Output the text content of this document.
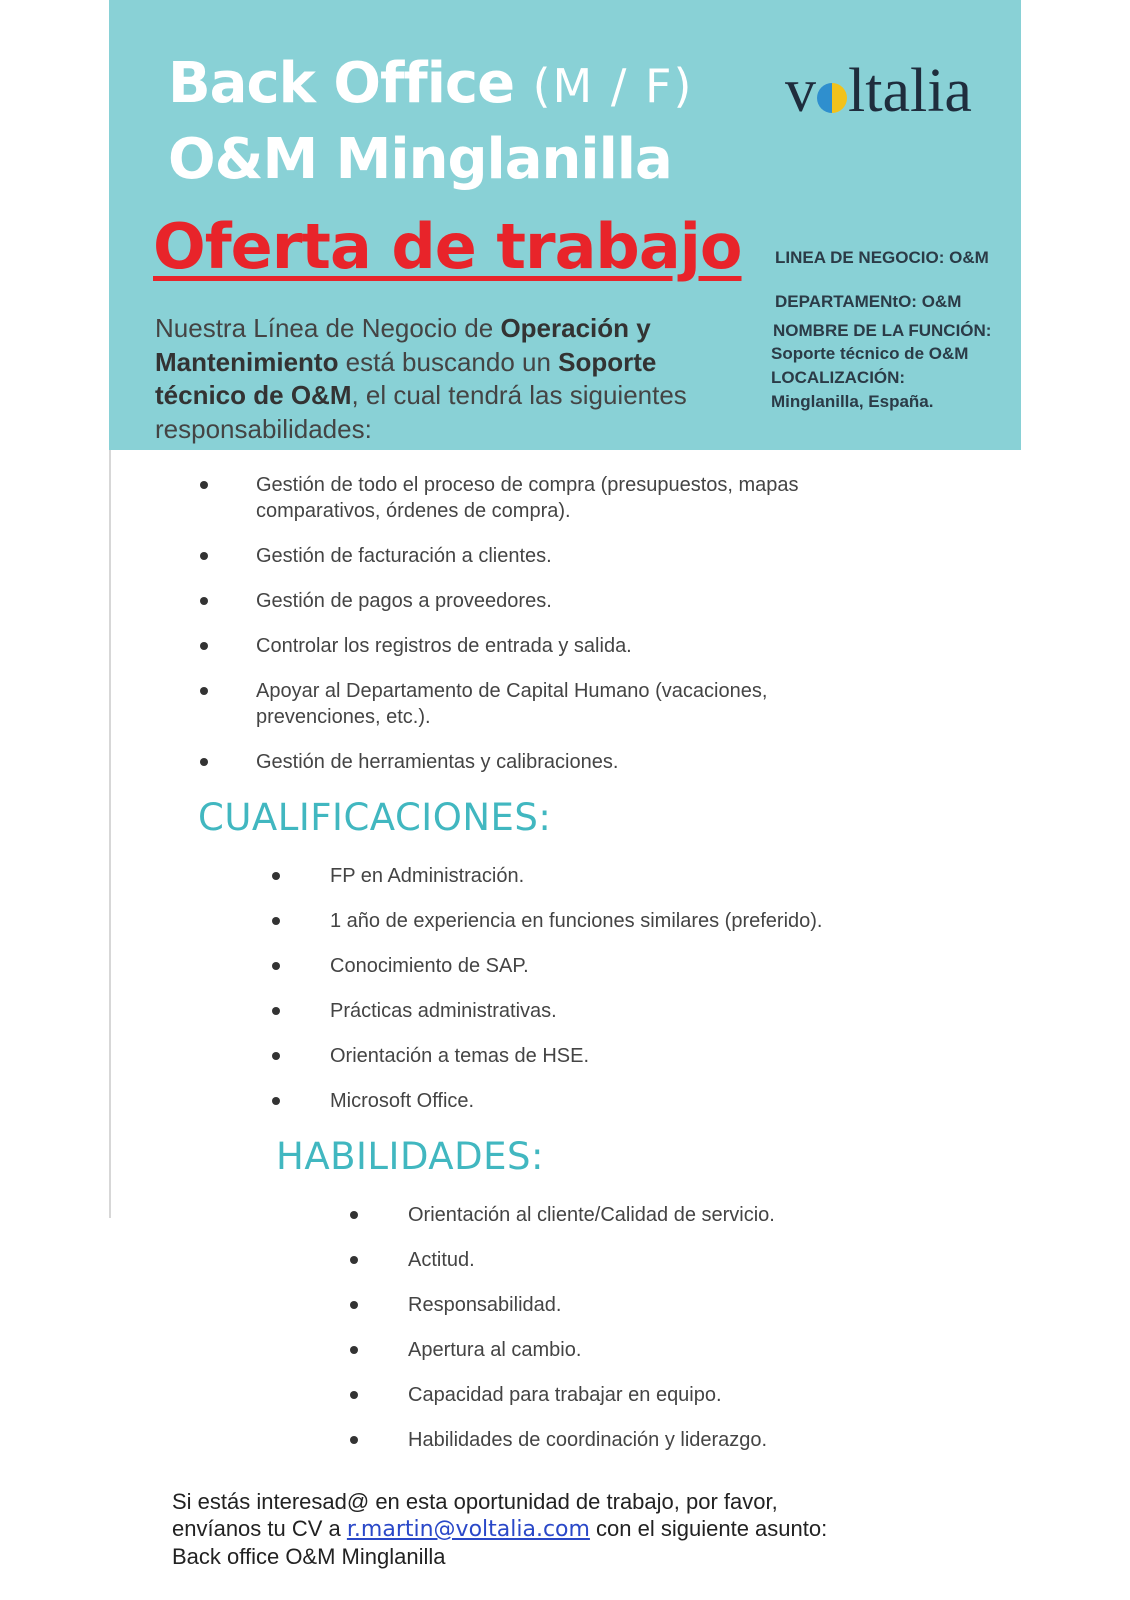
Back Office (M / F)
O&M Minglanilla
v ltalia
Oferta de trabajo
Nuestra Línea de Negocio de Operación y Mantenimiento está buscando un Soporte técnico de O&M, el cual tendrá las siguientes responsabilidades:
LINEA DE NEGOCIO: O&M
DEPARTAMENtO: O&M
NOMBRE DE LA FUNCIÓN:
Soporte técnico de O&M
LOCALIZACIÓN:
Minglanilla, España.
Gestión de todo el proceso de compra (presupuestos, mapas comparativos, órdenes de compra).
Gestión de facturación a clientes.
Gestión de pagos a proveedores.
Controlar los registros de entrada y salida.
Apoyar al Departamento de Capital Humano (vacaciones, prevenciones, etc.).
Gestión de herramientas y calibraciones.
CUALIFICACIONES:
FP en Administración.
1 año de experiencia en funciones similares (preferido).
Conocimiento de SAP.
Prácticas administrativas.
Orientación a temas de HSE.
Microsoft Office.
HABILIDADES:
Orientación al cliente/Calidad de servicio.
Actitud.
Responsabilidad.
Apertura al cambio.
Capacidad para trabajar en equipo.
Habilidades de coordinación y liderazgo.
Si estás interesad@ en esta oportunidad de trabajo, por favor,
envíanos tu CV a r.martin@voltalia.com con el siguiente asunto:
Back office O&M Minglanilla
